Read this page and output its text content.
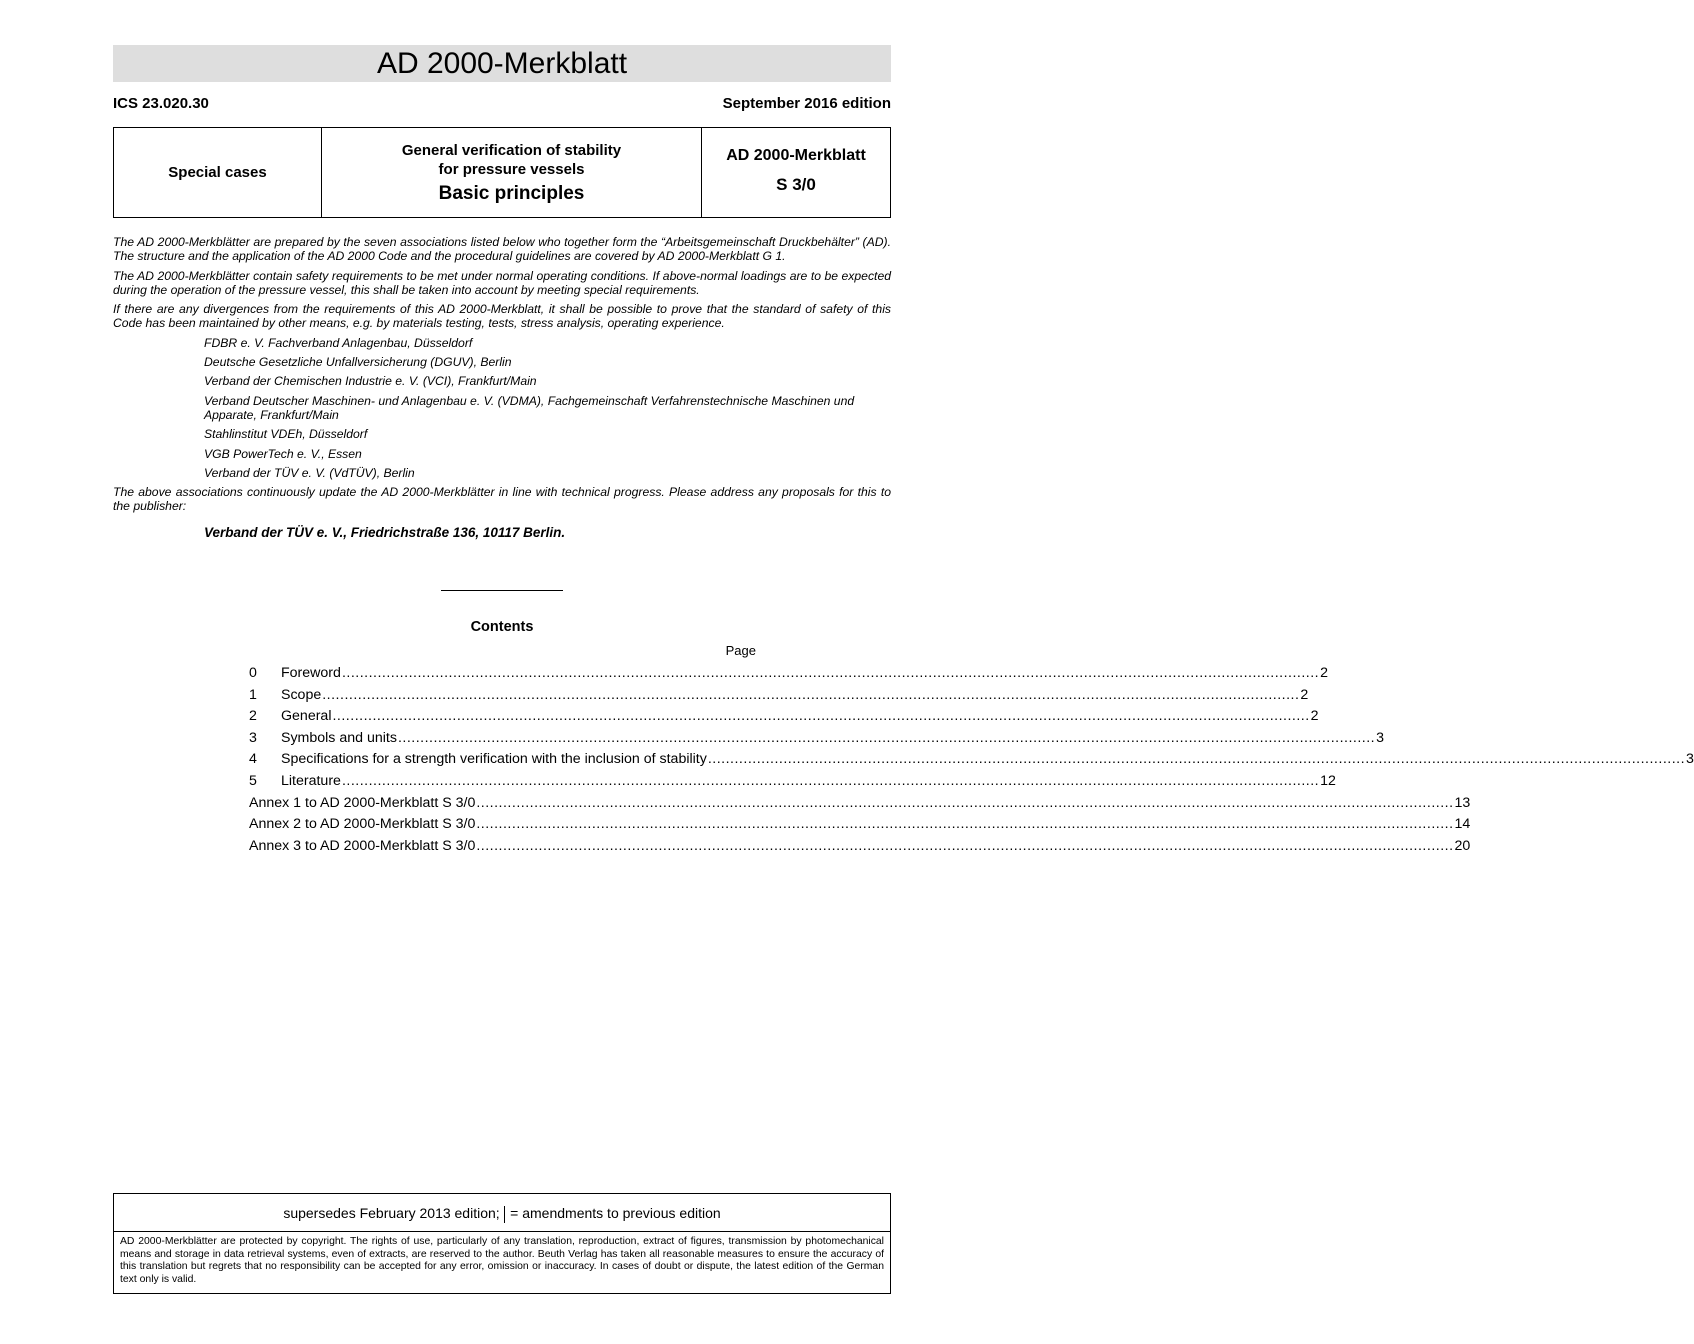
AD 2000-Merkblatt
ICS 23.020.30	September 2016 edition
Special cases
General verification of stability
for pressure vessels
Basic principles
AD 2000-Merkblatt
S 3/0

The AD 2000-Merkblätter are prepared by the seven associations listed below who together form the “Arbeitsgemeinschaft Druckbehälter” (AD). The structure and the application of the AD 2000 Code and the procedural guidelines are covered by AD 2000-Merkblatt G 1.

The AD 2000-Merkblätter contain safety requirements to be met under normal operating conditions. If above-normal loadings are to be expected during the operation of the pressure vessel, this shall be taken into account by meeting special requirements.

If there are any divergences from the requirements of this AD 2000-Merkblatt, it shall be possible to prove that the standard of safety of this Code has been maintained by other means, e.g. by materials testing, tests, stress analysis, operating experience.

FDBR e. V. Fachverband Anlagenbau, Düsseldorf
Deutsche Gesetzliche Unfallversicherung (DGUV), Berlin
Verband der Chemischen Industrie e. V. (VCI), Frankfurt/Main
Verband Deutscher Maschinen- und Anlagenbau e. V. (VDMA), Fachgemeinschaft Verfahrenstechnische Maschinen und Apparate, Frankfurt/Main
Stahlinstitut VDEh, Düsseldorf
VGB PowerTech e. V., Essen
Verband der TÜV e. V. (VdTÜV), Berlin

The above associations continuously update the AD 2000-Merkblätter in line with technical progress. Please address any proposals for this to the publisher:

Verband der TÜV e. V., Friedrichstraße 136, 10117 Berlin.
Contents
Page
0	Foreword ............................................................................................................................................................................................................................ 2
1	Scope ............................................................................................................................................................................................................................ 2
2	General ............................................................................................................................................................................................................................ 2
3	Symbols and units ............................................................................................................................................................................................................................ 3
4	Specifications for a strength verification with the inclusion of stability ............................................................................................................................................................................................................................ 3
5	Literature ............................................................................................................................................................................................................................ 12
Annex 1 to AD 2000-Merkblatt S 3/0 ............................................................................................................................................................................................................................ 13
Annex 2 to AD 2000-Merkblatt S 3/0 ............................................................................................................................................................................................................................ 14
Annex 3 to AD 2000-Merkblatt S 3/0 ............................................................................................................................................................................................................................ 20
supersedes February 2013 edition; = amendments to previous edition
AD 2000-Merkblätter are protected by copyright. The rights of use, particularly of any translation, reproduction, extract of figures, transmission by photomechanical means and storage in data retrieval systems, even of extracts, are reserved to the author. Beuth Verlag has taken all reasonable measures to ensure the accuracy of this translation but regrets that no responsibility can be accepted for any error, omission or inaccuracy. In cases of doubt or dispute, the latest edition of the German text only is valid.
